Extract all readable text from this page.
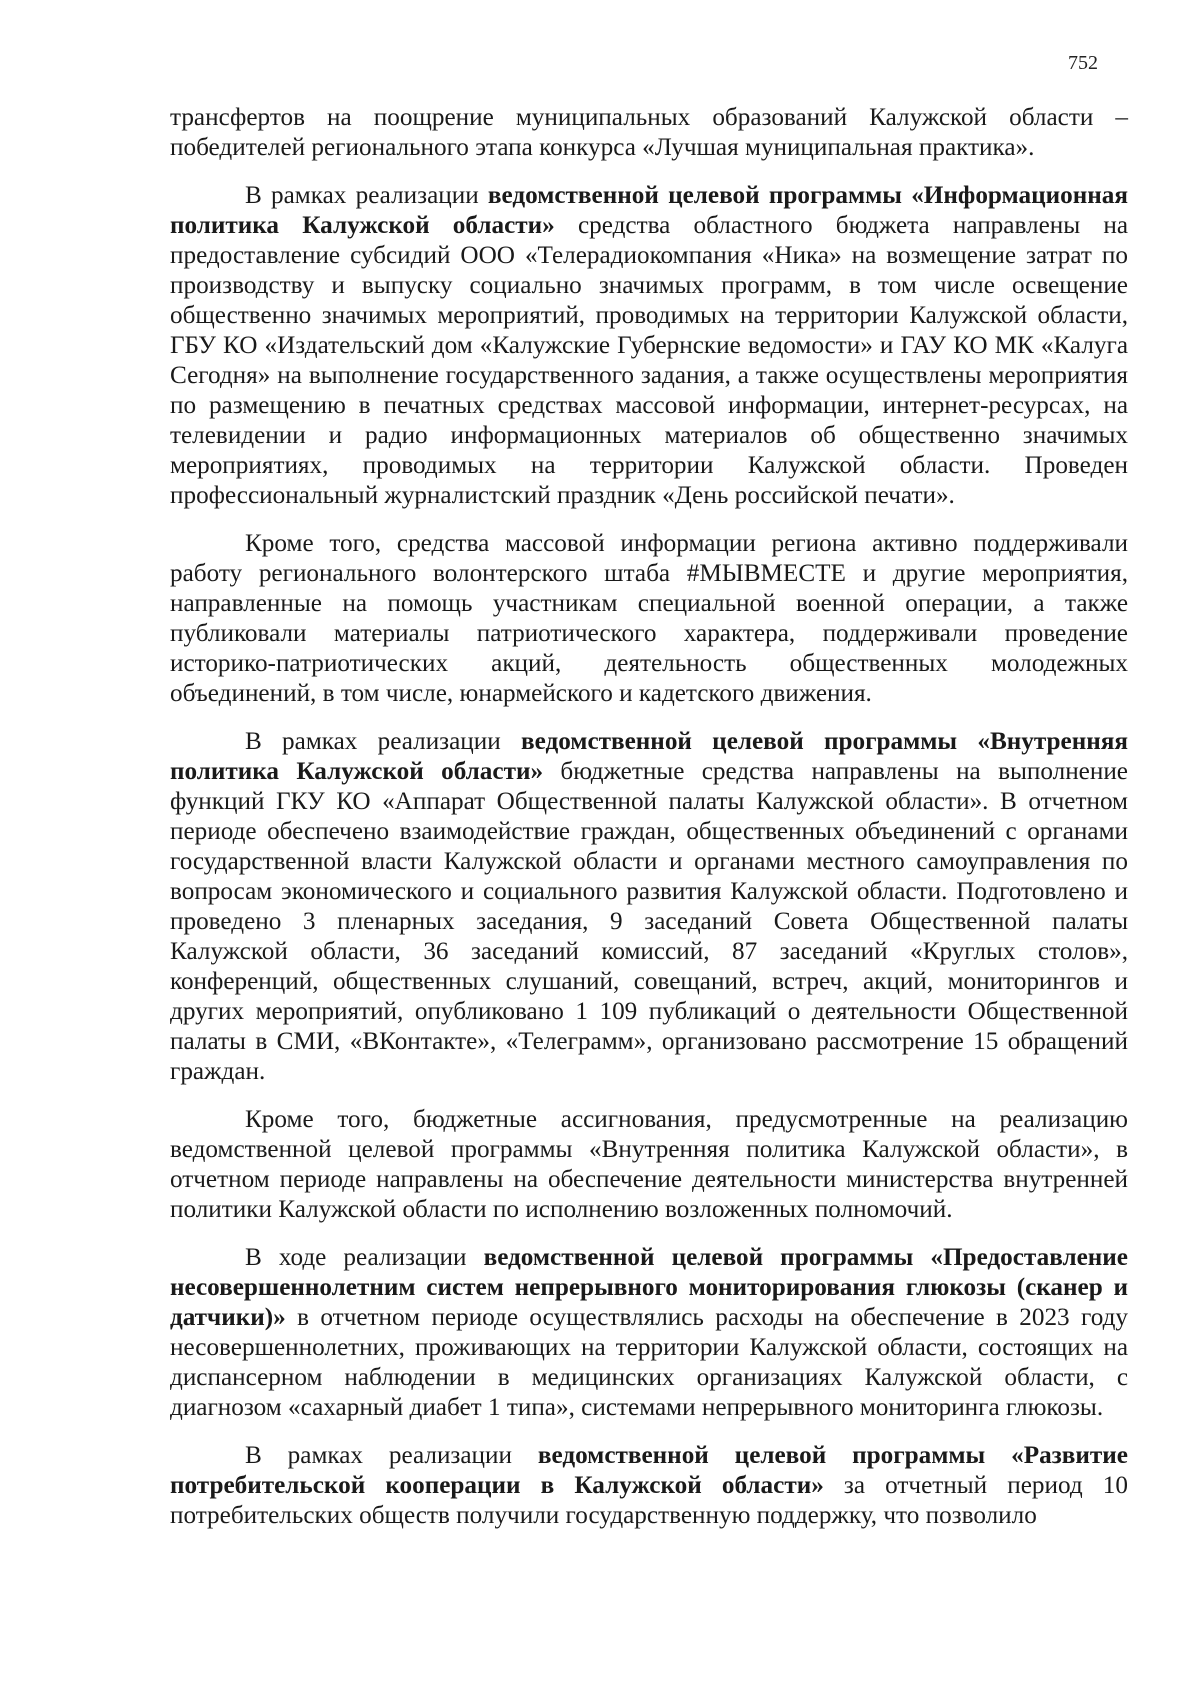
752

трансфертов на поощрение муниципальных образований Калужской области – победителей регионального этапа конкурса «Лучшая муниципальная практика».

В рамках реализации ведомственной целевой программы «Информационная политика Калужской области» средства областного бюджета направлены на предоставление субсидий ООО «Телерадиокомпания «Ника» на возмещение затрат по производству и выпуску социально значимых программ, в том числе освещение общественно значимых мероприятий, проводимых на территории Калужской области, ГБУ КО «Издательский дом «Калужские Губернские ведомости» и ГАУ КО МК «Калуга Сегодня» на выполнение государственного задания, а также осуществлены мероприятия по размещению в печатных средствах массовой информации, интернет-ресурсах, на телевидении и радио информационных материалов об общественно значимых мероприятиях, проводимых на территории Калужской области. Проведен профессиональный журналистский праздник «День российской печати».

Кроме того, средства массовой информации региона активно поддерживали работу регионального волонтерского штаба #МЫВМЕСТЕ и другие мероприятия, направленные на помощь участникам специальной военной операции, а также публиковали материалы патриотического характера, поддерживали проведение историко-патриотических акций, деятельность общественных молодежных объединений, в том числе, юнармейского и кадетского движения.

В рамках реализации ведомственной целевой программы «Внутренняя политика Калужской области» бюджетные средства направлены на выполнение функций ГКУ КО «Аппарат Общественной палаты Калужской области». В отчетном периоде обеспечено взаимодействие граждан, общественных объединений с органами государственной власти Калужской области и органами местного самоуправления по вопросам экономического и социального развития Калужской области. Подготовлено и проведено 3 пленарных заседания, 9 заседаний Совета Общественной палаты Калужской области, 36 заседаний комиссий, 87 заседаний «Круглых столов», конференций, общественных слушаний, совещаний, встреч, акций, мониторингов и других мероприятий, опубликовано 1 109 публикаций о деятельности Общественной палаты в СМИ, «ВКонтакте», «Телеграмм», организовано рассмотрение 15 обращений граждан.

Кроме того, бюджетные ассигнования, предусмотренные на реализацию ведомственной целевой программы «Внутренняя политика Калужской области», в отчетном периоде направлены на обеспечение деятельности министерства внутренней политики Калужской области по исполнению возложенных полномочий.

В ходе реализации ведомственной целевой программы «Предоставление несовершеннолетним систем непрерывного мониторирования глюкозы (сканер и датчики)» в отчетном периоде осуществлялись расходы на обеспечение в 2023 году несовершеннолетних, проживающих на территории Калужской области, состоящих на диспансерном наблюдении в медицинских организациях Калужской области, с диагнозом «сахарный диабет 1 типа», системами непрерывного мониторинга глюкозы.

В рамках реализации ведомственной целевой программы «Развитие потребительской кооперации в Калужской области» за отчетный период 10 потребительских обществ получили государственную поддержку, что позволило
